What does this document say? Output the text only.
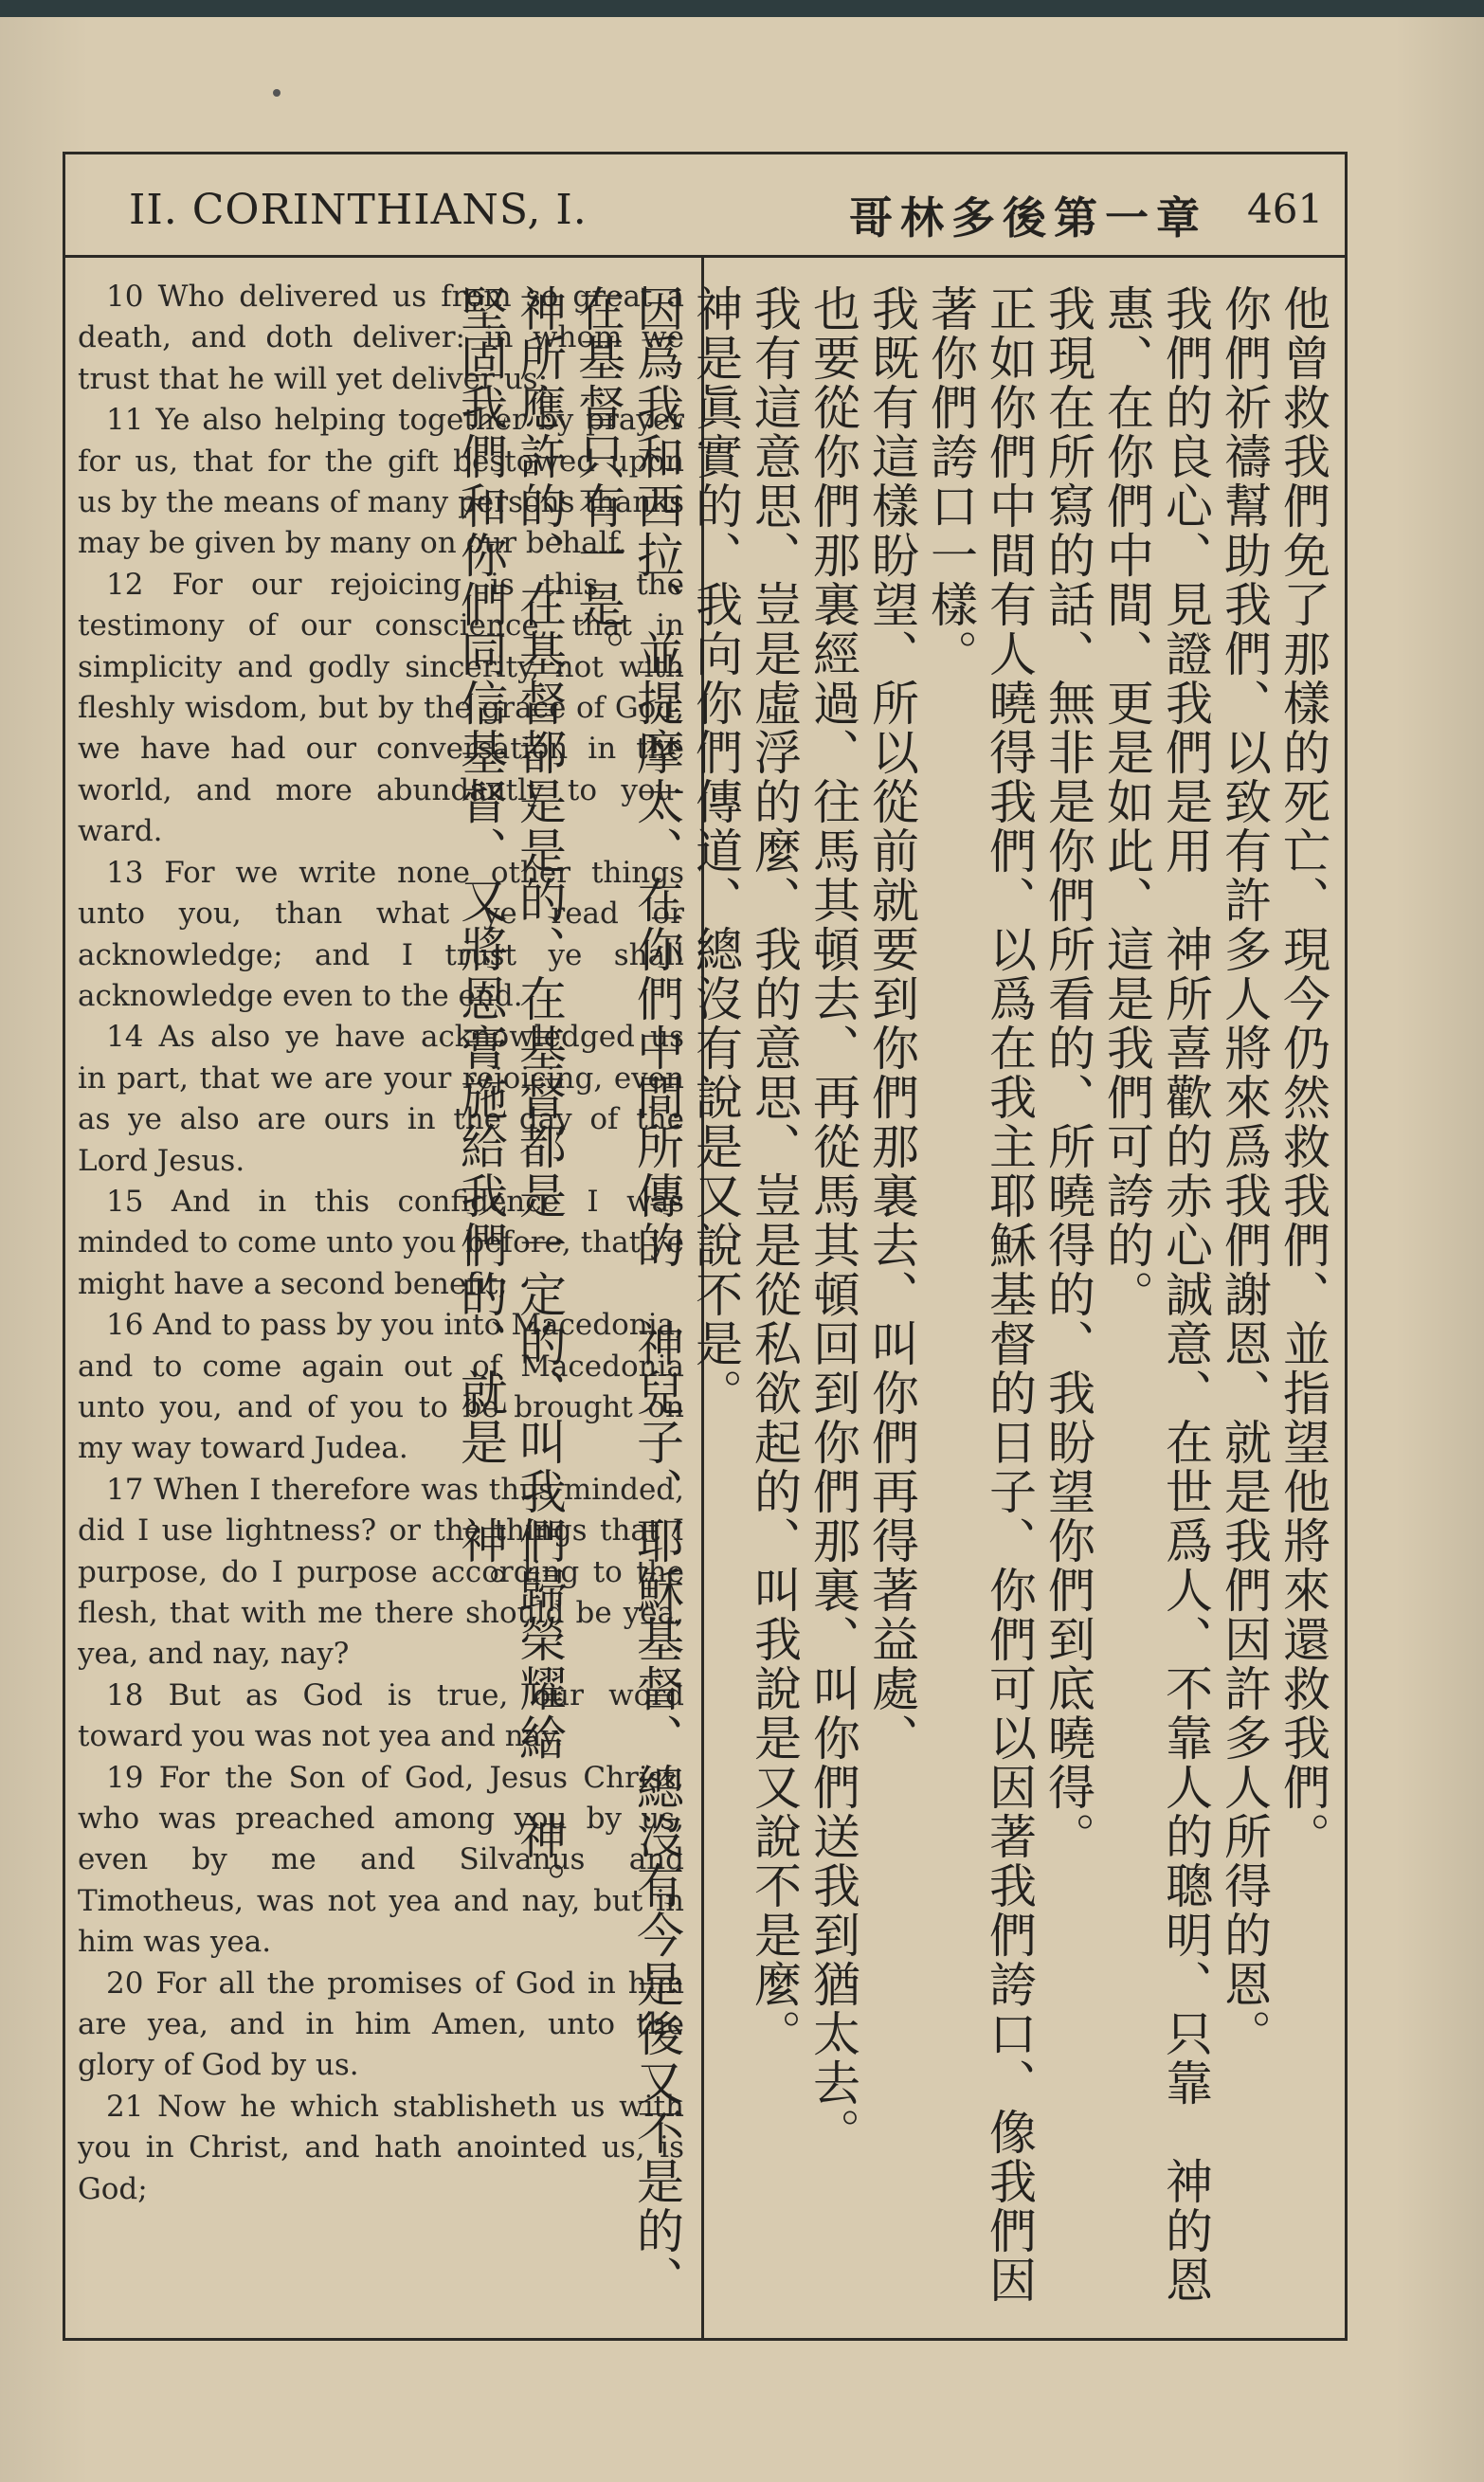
II. CORINTHIANS, I.	哥林多後第一章 461
10 Who delivered us from so great a death, and doth deliver: in whom we trust that he will yet deliver us;
11 Ye also helping together by prayer for us, that for the gift bestowed upon us by the means of many persons thanks may be given by many on our behalf.
12 For our rejoicing is this, the testimony of our conscience, that in simplicity and godly sincerity, not with fleshly wisdom, but by the grace of God, we have had our conversation in the world, and more abundantly to you-ward.
13 For we write none other things unto you, than what ye read or acknowledge; and I trust ye shall acknowledge even to the end.
14 As also ye have acknowledged us in part, that we are your rejoicing, even as ye also are ours in the day of the Lord Jesus.
15 And in this confidence I was minded to come unto you before, that ye might have a second benefit;
16 And to pass by you into Macedonia, and to come again out of Macedonia unto you, and of you to be brought on my way toward Judea.
17 When I therefore was thus minded, did I use lightness? or the things that I purpose, do I purpose according to the flesh, that with me there should be yea, yea, and nay, nay?
18 But as God is true, our word toward you was not yea and nay.
19 For the Son of God, Jesus Christ, who was preached among you by us, even by me and Silvanus and Timotheus, was not yea and nay, but in him was yea.
20 For all the promises of God in him are yea, and in him Amen, unto the glory of God by us.
21 Now he which stablisheth us with you in Christ, and hath anointed us, is God;
他曾救我們免了那樣的死亡、現今仍然救我們、並指望他將來還救我們。
你們祈禱幫助我們、以致有許多人將來爲我們謝恩、就是我們因許多人所得的恩。
我們的良心、見證我們是用　神所喜歡的赤心誠意、在世爲人、不靠人的聰明、只靠　神的恩惠、在你們中間、更是如此、這是我們可誇的。
我現在所寫的話、無非是你們所看的、所曉得的、我盼望你們到底曉得。
正如你們中間有人曉得我們、以爲在我主耶穌基督的日子、你們可以因著我們誇口、像我們因著你們誇口一樣。
我既有這樣盼望、所以從前就要到你們那裏去、叫你們再得著益處、
也要從你們那裏經過、往馬其頓去、再從馬其頓回到你們那裏、叫你們送我到猶太去。
我有這意思、豈是虛浮的麼、我的意思、豈是從私欲起的、叫我說是又說不是麼。
神是眞實的、我向你們傳道、總沒有說是又說不是。
因爲我和西拉、並提摩太、在你們中間所傳的　神兒子、耶穌基督、總沒有今是後又不是的、在基督只有一是。
神所應許的、在基督都是是的、在基督都是一定的、叫我們歸榮耀給　神。
堅固我們和你們同信基督、又將恩膏施給我們的、就是　神。
